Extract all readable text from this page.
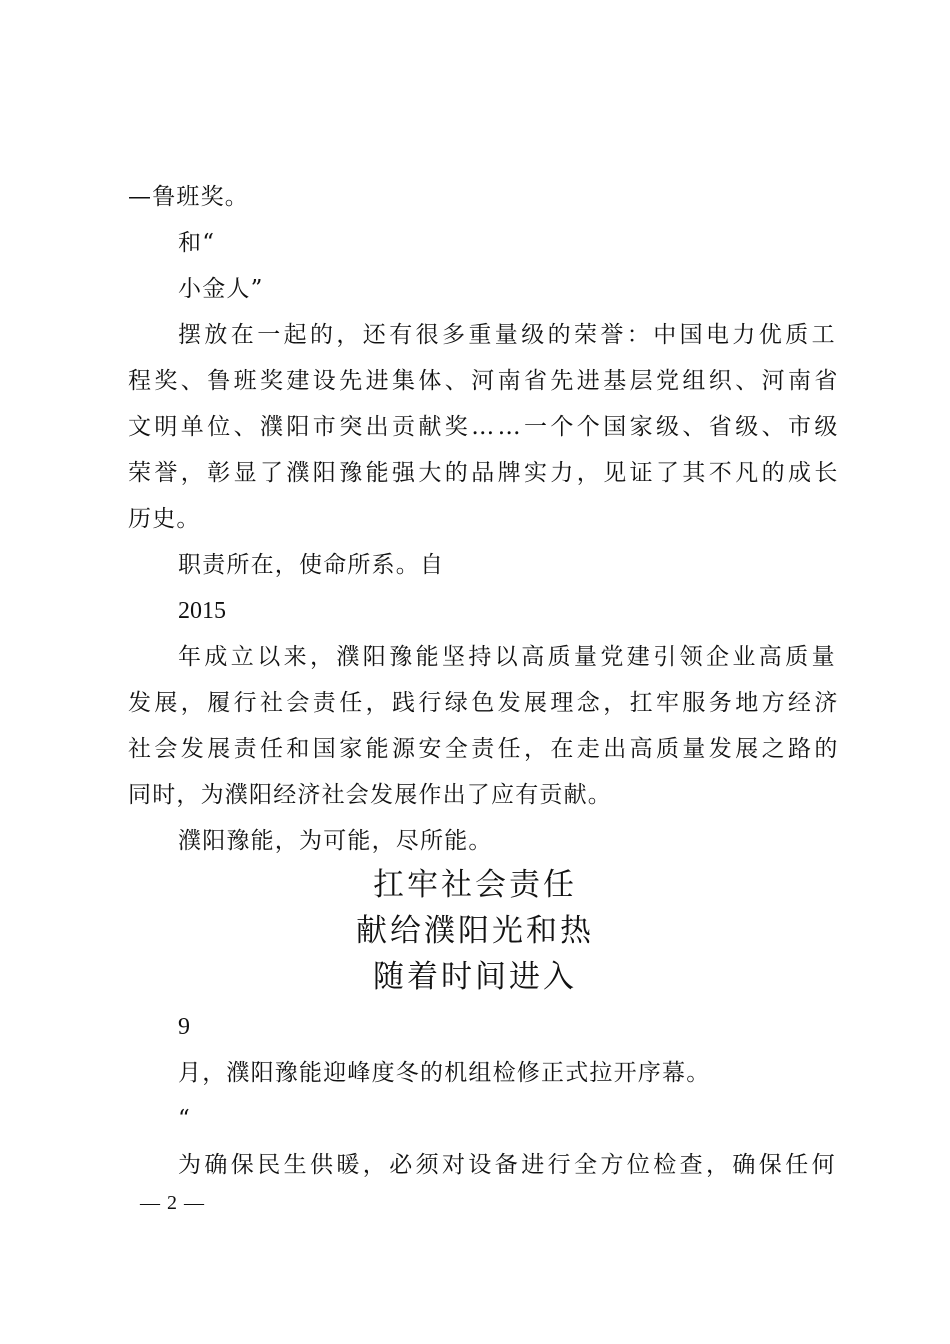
—鲁班奖。
和“
小金人”
摆放在一起的，还有很多重量级的荣誉：中国电力优质工
程奖、鲁班奖建设先进集体、河南省先进基层党组织、河南省
文明单位、濮阳市突出贡献奖……一个个国家级、省级、市级
荣誉，彰显了濮阳豫能强大的品牌实力，见证了其不凡的成长
历史。
职责所在，使命所系。自
2015
年成立以来，濮阳豫能坚持以高质量党建引领企业高质量
发展，履行社会责任，践行绿色发展理念，扛牢服务地方经济
社会发展责任和国家能源安全责任，在走出高质量发展之路的
同时，为濮阳经济社会发展作出了应有贡献。
濮阳豫能，为可能，尽所能。
扛牢社会责任
献给濮阳光和热
随着时间进入
9
月，濮阳豫能迎峰度冬的机组检修正式拉开序幕。
“
为确保民生供暖，必须对设备进行全方位检查，确保任何
— 2 —
